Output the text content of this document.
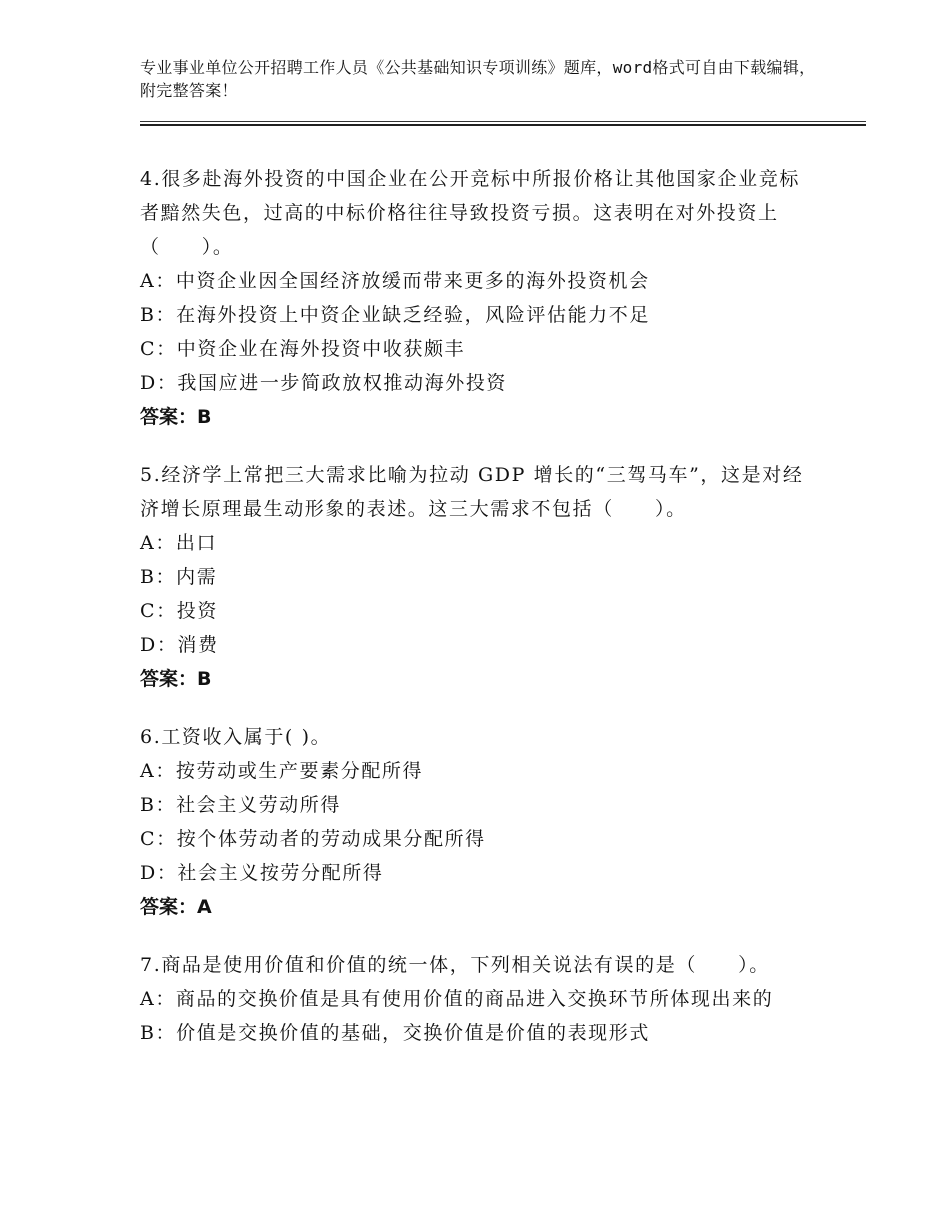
专业事业单位公开招聘工作人员《公共基础知识专项训练》题库，word格式可自由下载编辑，附完整答案！

4.很多赴海外投资的中国企业在公开竞标中所报价格让其他国家企业竞标者黯然失色，过高的中标价格往往导致投资亏损。这表明在对外投资上（　　）。

A：中资企业因全国经济放缓而带来更多的海外投资机会

B：在海外投资上中资企业缺乏经验，风险评估能力不足

C：中资企业在海外投资中收获颇丰

D：我国应进一步简政放权推动海外投资

答案：B

5.经济学上常把三大需求比喻为拉动 GDP 增长的“三驾马车”，这是对经济增长原理最生动形象的表述。这三大需求不包括（　　）。

A：出口

B：内需

C：投资

D：消费

答案：B

6.工资收入属于( )。

A：按劳动或生产要素分配所得

B：社会主义劳动所得

C：按个体劳动者的劳动成果分配所得

D：社会主义按劳分配所得

答案：A

7.商品是使用价值和价值的统一体，下列相关说法有误的是（　　）。

A：商品的交换价值是具有使用价值的商品进入交换环节所体现出来的

B：价值是交换价值的基础，交换价值是价值的表现形式
